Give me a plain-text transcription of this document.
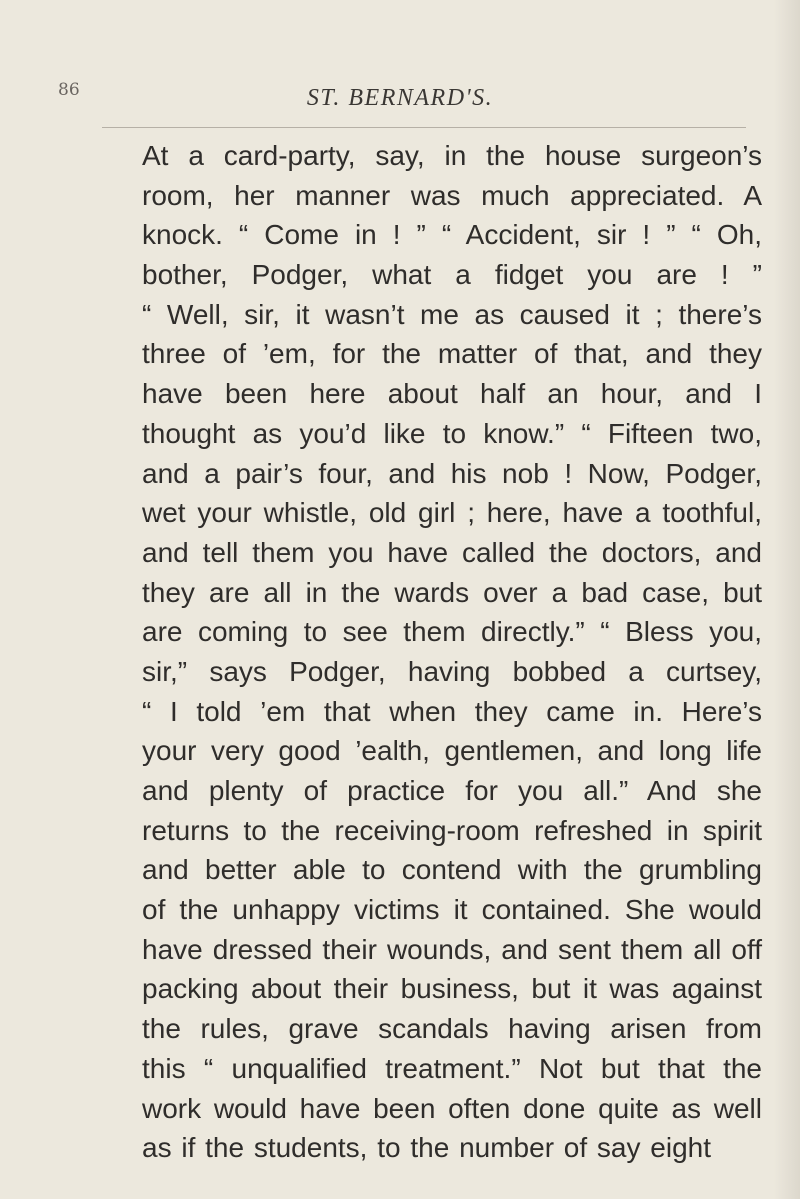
86	ST. BERNARD'S.
At a card-party, say, in the house surgeon’s
room, her manner was much appreciated. A
knock. “ Come in ! ” “ Accident, sir ! ” “ Oh,
bother, Podger, what a fidget you are ! ”
“ Well, sir, it wasn’t me as caused it ; there’s
three of ’em, for the matter of that, and they
have been here about half an hour, and I
thought as you’d like to know.” “ Fifteen two,
and a pair’s four, and his nob ! Now, Podger,
wet your whistle, old girl ; here, have a toothful,
and tell them you have called the doctors, and
they are all in the wards over a bad case, but
are coming to see them directly.” “ Bless you,
sir,” says Podger, having bobbed a curtsey,
“ I told ’em that when they came in. Here’s
your very good ’ealth, gentlemen, and long life
and plenty of practice for you all.” And she
returns to the receiving-room refreshed in spirit
and better able to contend with the grumbling
of the unhappy victims it contained. She would
have dressed their wounds, and sent them all off
packing about their business, but it was against
the rules, grave scandals having arisen from
this “ unqualified treatment.” Not but that the
work would have been often done quite as well
as if the students, to the number of say eight
